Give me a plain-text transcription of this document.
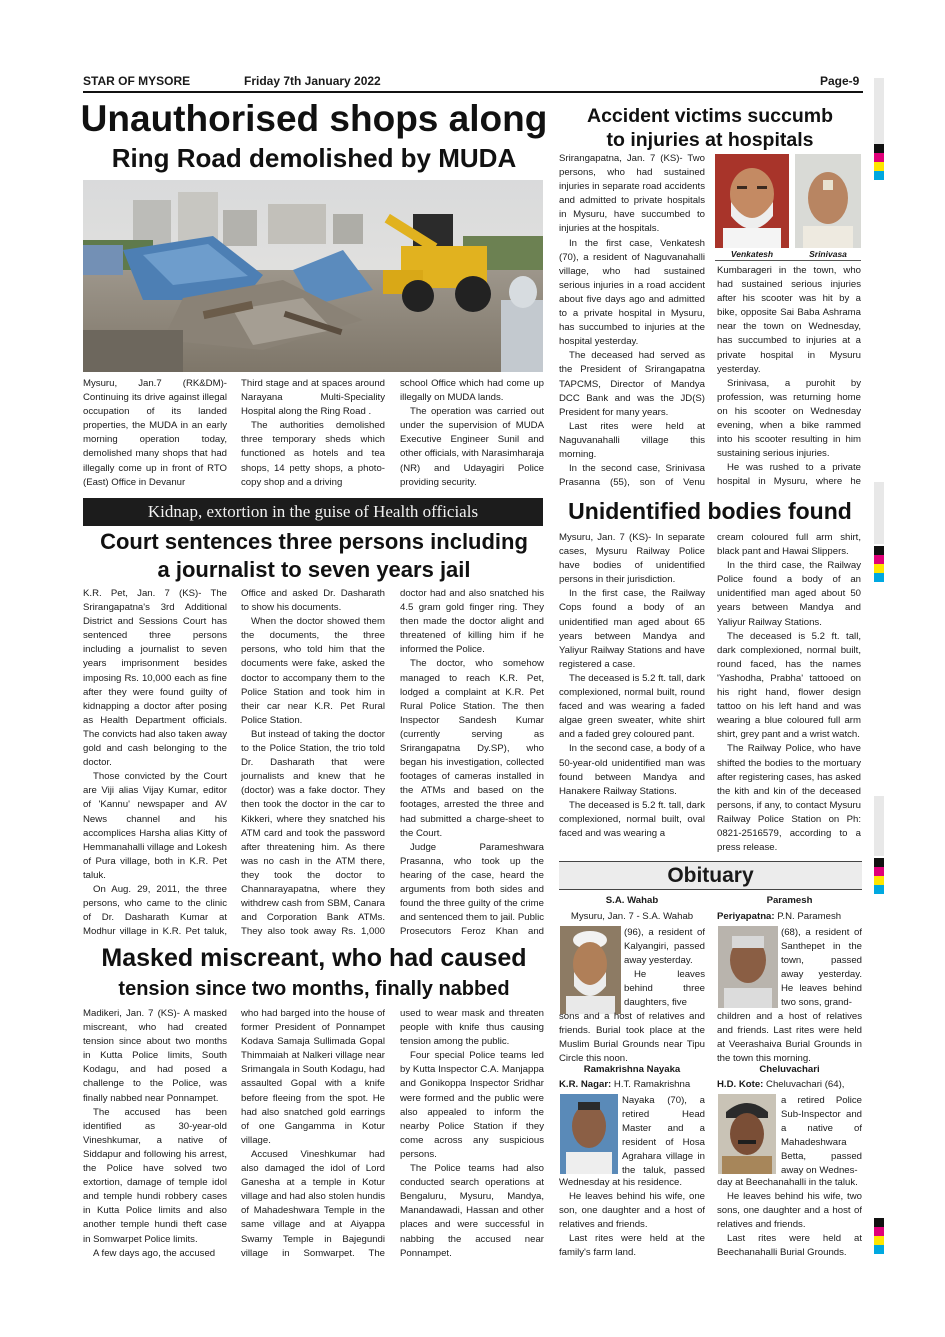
STAR OF MYSORE	Friday 7th January 2022	Page-9
Unauthorised shops along
Ring Road demolished by MUDA

Mysuru, Jan.7 (RK&DM)- Continuing its drive against illegal occupation of its landed properties, the MUDA in an early morning operation today, demolished many shops that had illegally come up in front of RTO (East) Office in Devanur

Third stage and at spaces around Narayana Multi-Speciality Hospital along the Ring Road .

The authorities demolished three temporary sheds which functioned as hotels and tea shops, 14 petty shops, a photo-copy shop and a driving

school Office which had come up illegally on MUDA lands.

The operation was carried out under the supervision of MUDA Executive Engineer Sunil and other officials, with Narasimharaja (NR) and Udayagiri Police providing security.

Accident victims succumb
to injuries at hospitals

Srirangapatna, Jan. 7 (KS)- Two persons, who had sustained injuries in separate road accidents and admitted to private hospitals in Mysuru, have succumbed to injuries at the hospitals.

In the first case, Venkatesh (70), a resident of Naguvanahalli village, who had sustained serious injuries in a road accident about five days ago and admitted to a private hospital in Mysuru, has succumbed to injuries at the hospital yesterday.

The deceased had served as the President of Srirangapatna TAPCMS, Director of Mandya DCC Bank and was the JD(S) President for many years.

Last rites were held at Naguvanahalli village this morning.

In the second case, Srinivasa Prasanna (55), son of Venu

Venkatesh	Srinivasa

Kumbarageri in the town, who had sustained serious injuries after his scooter was hit by a bike, opposite Sai Baba Ashrama near the town on Wednesday, has succumbed to injuries at a private hospital in Mysuru yesterday.

Srinivasa, a purohit by profession, was returning home on his scooter on Wednesday evening, when a bike rammed into his scooter resulting in him sustaining serious injuries.

He was rushed to a private hospital in Mysuru, where he

Kidnap, extortion in the guise of Health officials
Court sentences three persons including
a journalist to seven years jail

K.R. Pet, Jan. 7 (KS)- The Srirangapatna's 3rd Additional District and Sessions Court has sentenced three persons including a journalist to seven years imprisonment besides imposing Rs. 10,000 each as fine after they were found guilty of kidnapping a doctor after posing as Health Department officials. The convicts had also taken away gold and cash belonging to the doctor.

Those convicted by the Court are Viji alias Vijay Kumar, editor of 'Kannu' newspaper and AV News channel and his accomplices Harsha alias Kitty of Hemmanahalli village and Lokesh of Pura village, both in K.R. Pet taluk.

On Aug. 29, 2011, the three persons, who came to the clinic of Dr. Dasharath Kumar at Modhur village in K.R. Pet taluk,

Office and asked Dr. Dasharath to show his documents.

When the doctor showed them the documents, the three persons, who told him that the documents were fake, asked the doctor to accompany them to the Police Station and took him in their car near K.R. Pet Rural Police Station.

But instead of taking the doctor to the Police Station, the trio told Dr. Dasharath that were journalists and knew that he (doctor) was a fake doctor. They then took the doctor in the car to Kikkeri, where they snatched his ATM card and took the password after threatening him. As there was no cash in the ATM there, they took the doctor to Channarayapatna, where they withdrew cash from SBM, Canara and Corporation Bank ATMs. They also took away Rs. 1,000

doctor had and also snatched his 4.5 gram gold finger ring. They then made the doctor alight and threatened of killing him if he informed the Police.

The doctor, who somehow managed to reach K.R. Pet, lodged a complaint at K.R. Pet Rural Police Station. The then Inspector Sandesh Kumar (currently serving as Srirangapatna Dy.SP), who began his investigation, collected footages of cameras installed in the ATMs and based on the footages, arrested the three and had submitted a charge-sheet to the Court.

Judge Parameshwara Prasanna, who took up the hearing of the case, heard the arguments from both sides and found the three guilty of the crime and sentenced them to jail. Public Prosecutors Feroz Khan and

Unidentified bodies found

Mysuru, Jan. 7 (KS)- In separate cases, Mysuru Railway Police have bodies of unidentified persons in their jurisdiction.

In the first case, the Railway Cops found a body of an unidentified man aged about 65 years between Mandya and Yaliyur Railway Stations and have registered a case.

The deceased is 5.2 ft. tall, dark complexioned, normal built, round faced and was wearing a faded algae green sweater, white shirt and a faded grey coloured pant.

In the second case, a body of a 50-year-old unidentified man was found between Mandya and Hanakere Railway Stations.

The deceased is 5.2 ft. tall, dark complexioned, normal built, oval faced and was wearing a

cream coloured full arm shirt, black pant and Hawai Slippers.

In the third case, the Railway Police found a body of an unidentified man aged about 50 years between Mandya and Yaliyur Railway Stations.

The deceased is 5.2 ft. tall, dark complexioned, normal built, round faced, has the names 'Yashodha, Prabha' tattooed on his right hand, flower design tattoo on his left hand and was wearing a blue coloured full arm shirt, grey pant and a wrist watch.

The Railway Police, who have shifted the bodies to the mortuary after registering cases, has asked the kith and kin of the deceased persons, if any, to contact Mysuru Railway Police Station on Ph: 0821-2516579, according to a press release.

Masked miscreant, who had caused
tension since two months, finally nabbed

Madikeri, Jan. 7 (KS)- A masked miscreant, who had created tension since about two months in Kutta Police limits, South Kodagu, and had posed a challenge to the Police, was finally nabbed near Ponnampet.

The accused has been identified as 30-year-old Vineshkumar, a native of Siddapur and following his arrest, the Police have solved two extortion, damage of temple idol and temple hundi robbery cases in Kutta Police limits and also another temple hundi theft case in Somwarpet Police limits.

A few days ago, the accused

who had barged into the house of former President of Ponnampet Kodava Samaja Sullimada Gopal Thimmaiah at Nalkeri village near Srimangala in South Kodagu, had assaulted Gopal with a knife before fleeing from the spot. He had also snatched gold earrings of one Gangamma in Kotur village.

Accused Vineshkumar had also damaged the idol of Lord Ganesha at a temple in Kotur village and had also stolen hundis of Mahadeshwara Temple in the same village and at Aiyappa Swamy Temple in Bajegundi village in Somwarpet. The

used to wear mask and threaten people with knife thus causing tension among the public.

Four special Police teams led by Kutta Inspector C.A. Manjappa and Gonikoppa Inspector Sridhar were formed and the public were also appealed to inform the nearby Police Station if they come across any suspicious persons.

The Police teams had also conducted search operations at Bengaluru, Mysuru, Mandya, Manandawadi, Hassan and other places and were successful in nabbing the accused near Ponnampet.

Obituary
S.A. Wahab

Mysuru, Jan. 7 - S.A. Wahab

(96), a resident of Kalyangiri, passed away yesterday.

He leaves behind three daughters, five

sons and a host of relatives and friends. Burial took place at the Muslim Burial Grounds near Tipu Circle this noon.

Paramesh

Periyapatna: P.N. Paramesh

(68), a resident of Santhepet in the town, passed away yesterday. He leaves behind two sons, grand-

children and a host of relatives and friends. Last rites were held at Veerashaiva Burial Grounds in the town this morning.

Ramakrishna Nayaka

K.R. Nagar: H.T. Ramakrishna

Nayaka (70), a retired Head Master and a resident of Hosa Agrahara village in the taluk, passed

Wednesday at his residence.

He leaves behind his wife, one son, one daughter and a host of relatives and friends.

Last rites were held at the family's farm land.

Cheluvachari

H.D. Kote: Cheluvachari (64),

a retired Police Sub-Inspector and a native of Mahadeshwara Betta, passed away on Wednes-

day at Beechanahalli in the taluk.

He leaves behind his wife, two sons, one daughter and a host of relatives and friends.

Last rites were held at Beechanahalli Burial Grounds.
